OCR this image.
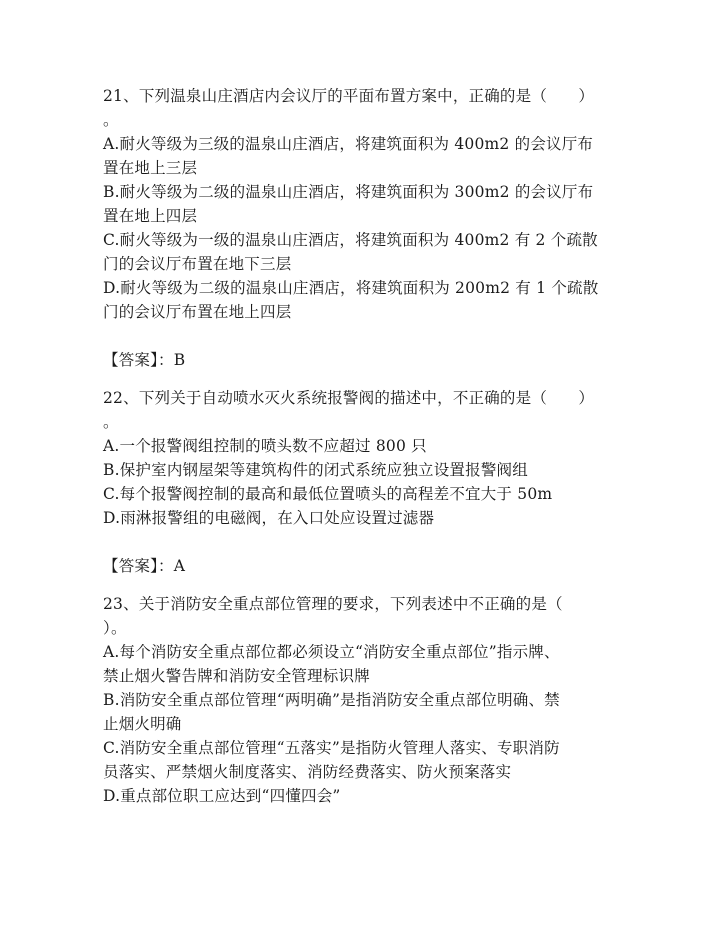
21、下列温泉山庄酒店内会议厅的平面布置方案中，正确的是（　　）
。
A.耐火等级为三级的温泉山庄酒店，将建筑面积为 400m2 的会议厅布
置在地上三层
B.耐火等级为二级的温泉山庄酒店，将建筑面积为 300m2 的会议厅布
置在地上四层
C.耐火等级为一级的温泉山庄酒店，将建筑面积为 400m2 有 2 个疏散
门的会议厅布置在地下三层
D.耐火等级为二级的温泉山庄酒店，将建筑面积为 200m2 有 1 个疏散
门的会议厅布置在地上四层
【答案】：B
22、下列关于自动喷水灭火系统报警阀的描述中，不正确的是（　　）
。
A.一个报警阀组控制的喷头数不应超过 800 只
B.保护室内钢屋架等建筑构件的闭式系统应独立设置报警阀组
C.每个报警阀控制的最高和最低位置喷头的高程差不宜大于 50m
D.雨淋报警组的电磁阀，在入口处应设置过滤器
【答案】：A
23、关于消防安全重点部位管理的要求，下列表述中不正确的是（
）。
A.每个消防安全重点部位都必须设立“消防安全重点部位”指示牌、
禁止烟火警告牌和消防安全管理标识牌
B.消防安全重点部位管理“两明确”是指消防安全重点部位明确、禁
止烟火明确
C.消防安全重点部位管理“五落实”是指防火管理人落实、专职消防
员落实、严禁烟火制度落实、消防经费落实、防火预案落实
D.重点部位职工应达到“四懂四会”
